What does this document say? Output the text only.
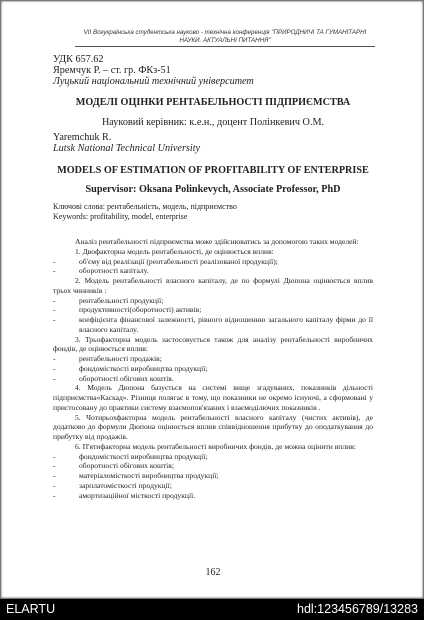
VII Всеукраїнська студентська науково - технічна конференція "ПРИРОДНИЧІ ТА ГУМАНІТАРНІ НАУКИ. АКТУАЛЬНІ ПИТАННЯ"
УДК 657.62
Яремчук Р. – ст. гр. ФКз-51
Луцький національний технічний університет
МОДЕЛІ ОЦІНКИ РЕНТАБЕЛЬНОСТІ ПІДПРИЄМСТВА
Науковий керівник: к.е.н., доцент Полінкевич О.М.
Yaremchuk R.
Lutsk National Technical University
MODELS OF ESTIMATION OF PROFITABILITY OF ENTERPRISE
Supervisor: Oksana Polinkevych, Associate Professor, PhD
Ключові слова: рентабельність, модель, підприємство
Keywords: profitability, model, enterprise
Аналіз рентабельності підприємства може здійснюватись за допомогою таких моделей:
1. Двофакторна модель рентабельності, де оцінюється вплив:
- об'єму від реалізації (рентабельності реалізованої продукції);
- оборотності капіталу.
2. Модель рентабельності власного капіталу, де по формулі Дюпона оцінюється вплив трьох чинників :
- рентабельності продукції;
- продуктивності(оборотності) активів;
- коефіцієнта фінансової залежності, рівного відношенню загального капіталу фірми до її власного капіталу.
3. Трьофакторна модель застосовується також для аналізу рентабельності виробничих фондів, де оцінюється вплив:
- рентабельності продажів;
- фондомісткості виробництва продукції;
- оборотності обігових коштів.
4. Модель Дюпона базується на системі вище згадуваних, показників дільності підприємства«Каскад». Різниця полягає в тому, що показники не окремо існуючі, а сформовані у пристосовану до практики систему взаємопов'язаних і взаємоділючих показників .
5. Чотирьохфакторна модель рентабельності власного капіталу (чистих активів), де додатково до формули Дюпона оцінюється вплив співвідношення прибутку до оподаткування до прибутку від продажів.
6. П'ятифакторна модель рентабельності виробничих фондів, де можна оцінити вплив:
- фондомісткості виробництва продукції;
- оборотності обігових коштів;
- матеріаломісткості виробництва продукції;
- зарплатомісткості продукції;
- амортизаційної місткості продукції.
162
ELARTU	hdl:123456789/13283
